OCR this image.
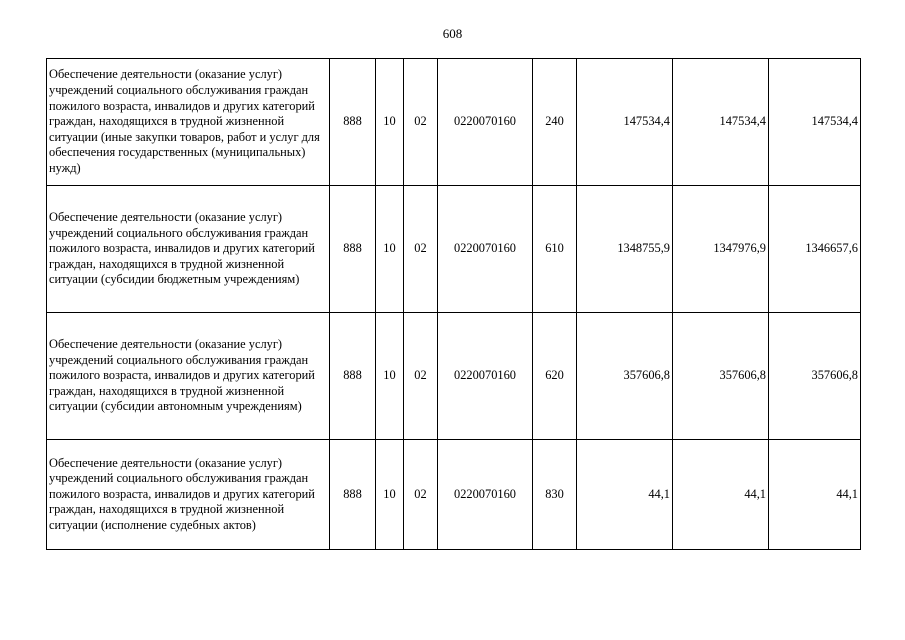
608
Обеспечение деятельности (оказание услуг) учреждений социального обслуживания граждан пожилого возраста, инвалидов и других категорий граждан, находящихся в трудной жизненной ситуации (иные закупки товаров, работ и услуг для обеспечения государственных (муниципальных) нужд)	888	10	02	0220070160	240	147534,4	147534,4	147534,4
Обеспечение деятельности (оказание услуг) учреждений социального обслуживания граждан пожилого возраста, инвалидов и других категорий граждан, находящихся в трудной жизненной ситуации (субсидии бюджетным учреждениям)	888	10	02	0220070160	610	1348755,9	1347976,9	1346657,6
Обеспечение деятельности (оказание услуг) учреждений социального обслуживания граждан пожилого возраста, инвалидов и других категорий граждан, находящихся в трудной жизненной ситуации (субсидии автономным учреждениям)	888	10	02	0220070160	620	357606,8	357606,8	357606,8
Обеспечение деятельности (оказание услуг) учреждений социального обслуживания граждан пожилого возраста, инвалидов и других категорий граждан, находящихся в трудной жизненной ситуации (исполнение судебных актов)	888	10	02	0220070160	830	44,1	44,1	44,1
